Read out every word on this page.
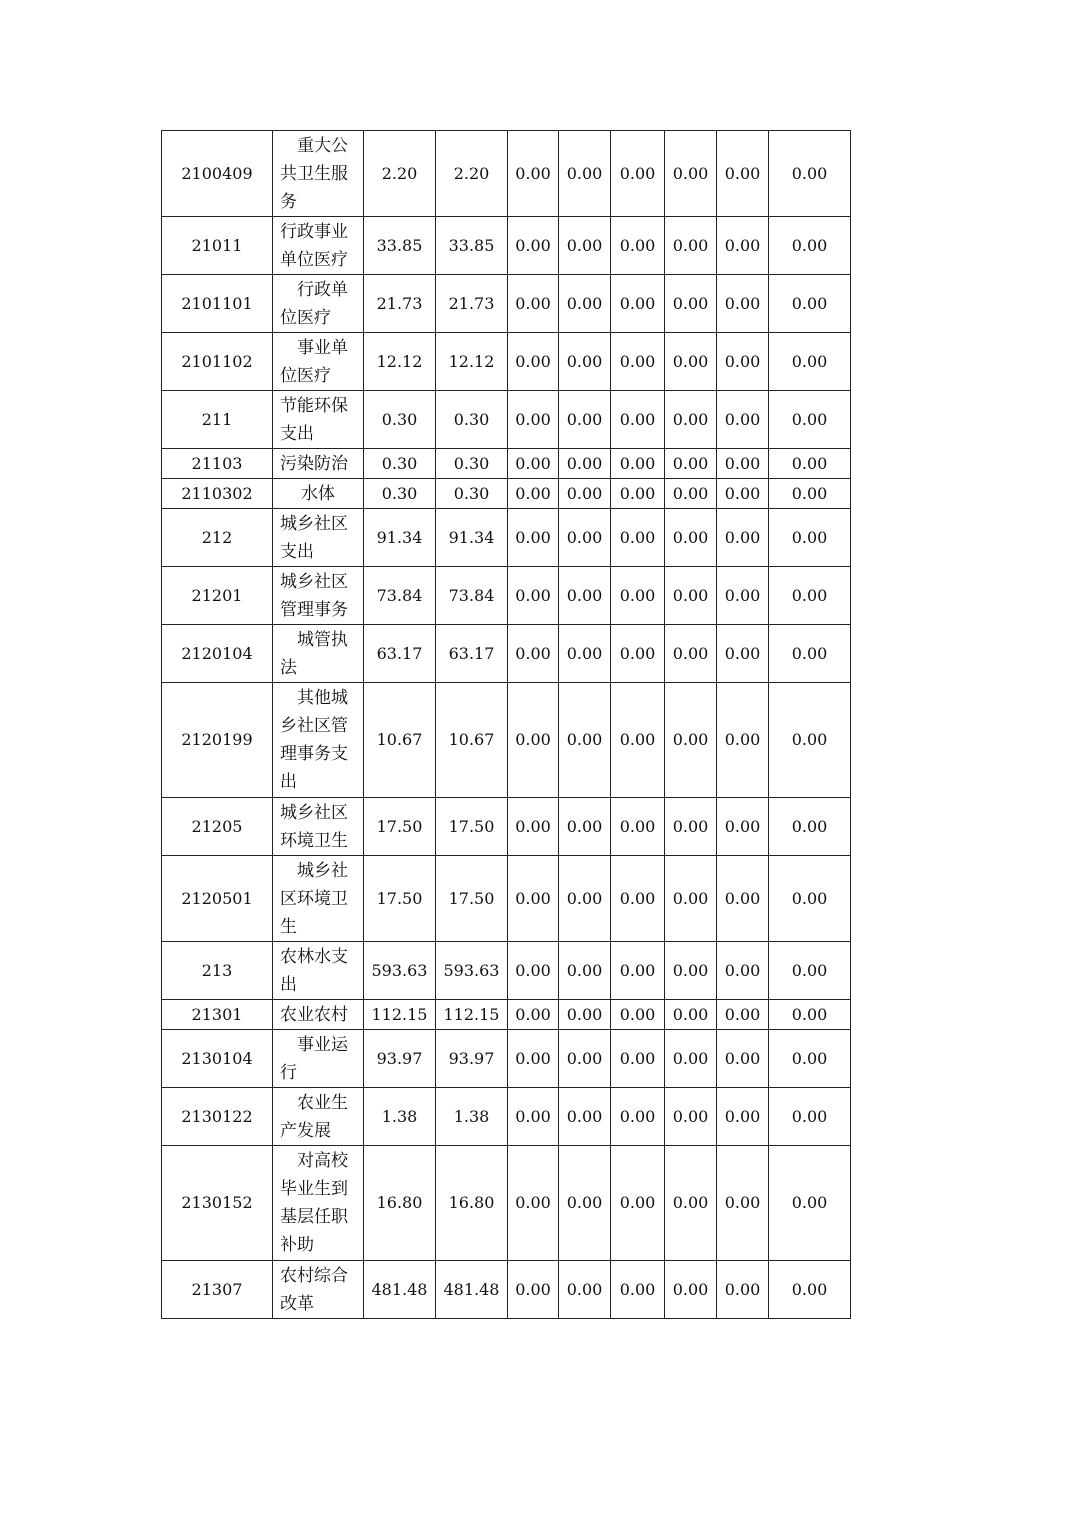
2100409	重大公共卫生服务	2.20	2.20	0.00	0.00	0.00	0.00	0.00	0.00
21011	行政事业单位医疗	33.85	33.85	0.00	0.00	0.00	0.00	0.00	0.00
2101101	行政单位医疗	21.73	21.73	0.00	0.00	0.00	0.00	0.00	0.00
2101102	事业单位医疗	12.12	12.12	0.00	0.00	0.00	0.00	0.00	0.00
211	节能环保支出	0.30	0.30	0.00	0.00	0.00	0.00	0.00	0.00
21103	污染防治	0.30	0.30	0.00	0.00	0.00	0.00	0.00	0.00
2110302	水体	0.30	0.30	0.00	0.00	0.00	0.00	0.00	0.00
212	城乡社区支出	91.34	91.34	0.00	0.00	0.00	0.00	0.00	0.00
21201	城乡社区管理事务	73.84	73.84	0.00	0.00	0.00	0.00	0.00	0.00
2120104	城管执法	63.17	63.17	0.00	0.00	0.00	0.00	0.00	0.00
2120199	其他城乡社区管理事务支出	10.67	10.67	0.00	0.00	0.00	0.00	0.00	0.00
21205	城乡社区环境卫生	17.50	17.50	0.00	0.00	0.00	0.00	0.00	0.00
2120501	城乡社区环境卫生	17.50	17.50	0.00	0.00	0.00	0.00	0.00	0.00
213	农林水支出	593.63	593.63	0.00	0.00	0.00	0.00	0.00	0.00
21301	农业农村	112.15	112.15	0.00	0.00	0.00	0.00	0.00	0.00
2130104	事业运行	93.97	93.97	0.00	0.00	0.00	0.00	0.00	0.00
2130122	农业生产发展	1.38	1.38	0.00	0.00	0.00	0.00	0.00	0.00
2130152	对高校毕业生到基层任职补助	16.80	16.80	0.00	0.00	0.00	0.00	0.00	0.00
21307	农村综合改革	481.48	481.48	0.00	0.00	0.00	0.00	0.00	0.00
